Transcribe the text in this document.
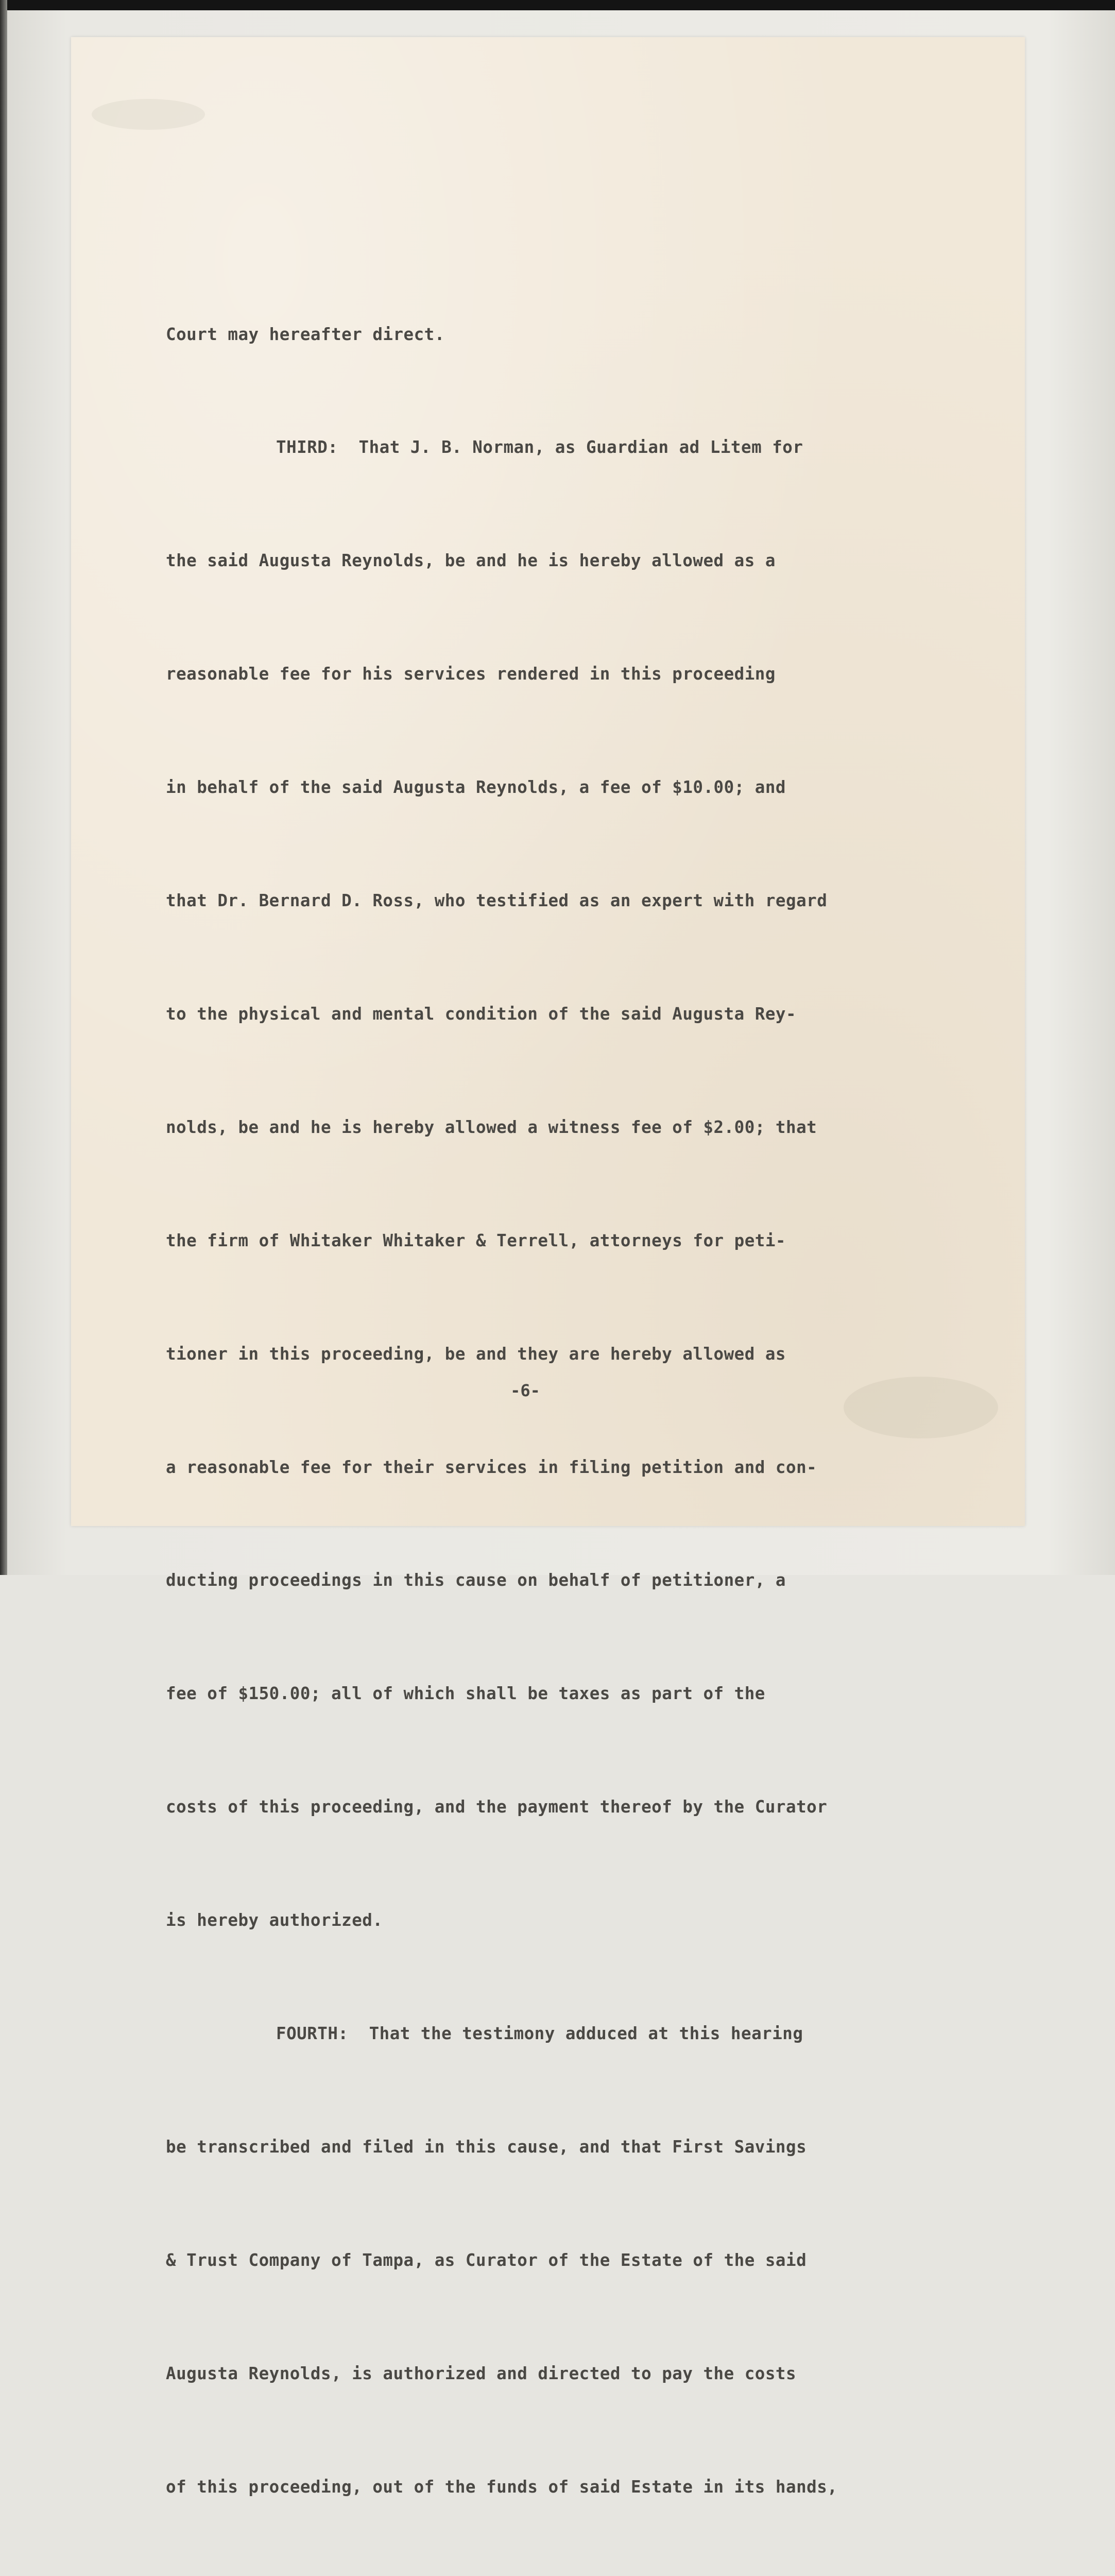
Court may hereafter direct.

THIRD:  That J. B. Norman, as Guardian ad Litem for

the said Augusta Reynolds, be and he is hereby allowed as a

reasonable fee for his services rendered in this proceeding

in behalf of the said Augusta Reynolds, a fee of $10.00; and

that Dr. Bernard D. Ross, who testified as an expert with regard

to the physical and mental condition of the said Augusta Rey-

nolds, be and he is hereby allowed a witness fee of $2.00; that

the firm of Whitaker Whitaker & Terrell, attorneys for peti-

tioner in this proceeding, be and they are hereby allowed as

a reasonable fee for their services in filing petition and con-

ducting proceedings in this cause on behalf of petitioner, a

fee of $150.00; all of which shall be taxes as part of the

costs of this proceeding, and the payment thereof by the Curator

is hereby authorized.

FOURTH:  That the testimony adduced at this hearing

be transcribed and filed in this cause, and that First Savings

& Trust Company of Tampa, as Curator of the Estate of the said

Augusta Reynolds, is authorized and directed to pay the costs

of this proceeding, out of the funds of said Estate in its hands,

-6-
